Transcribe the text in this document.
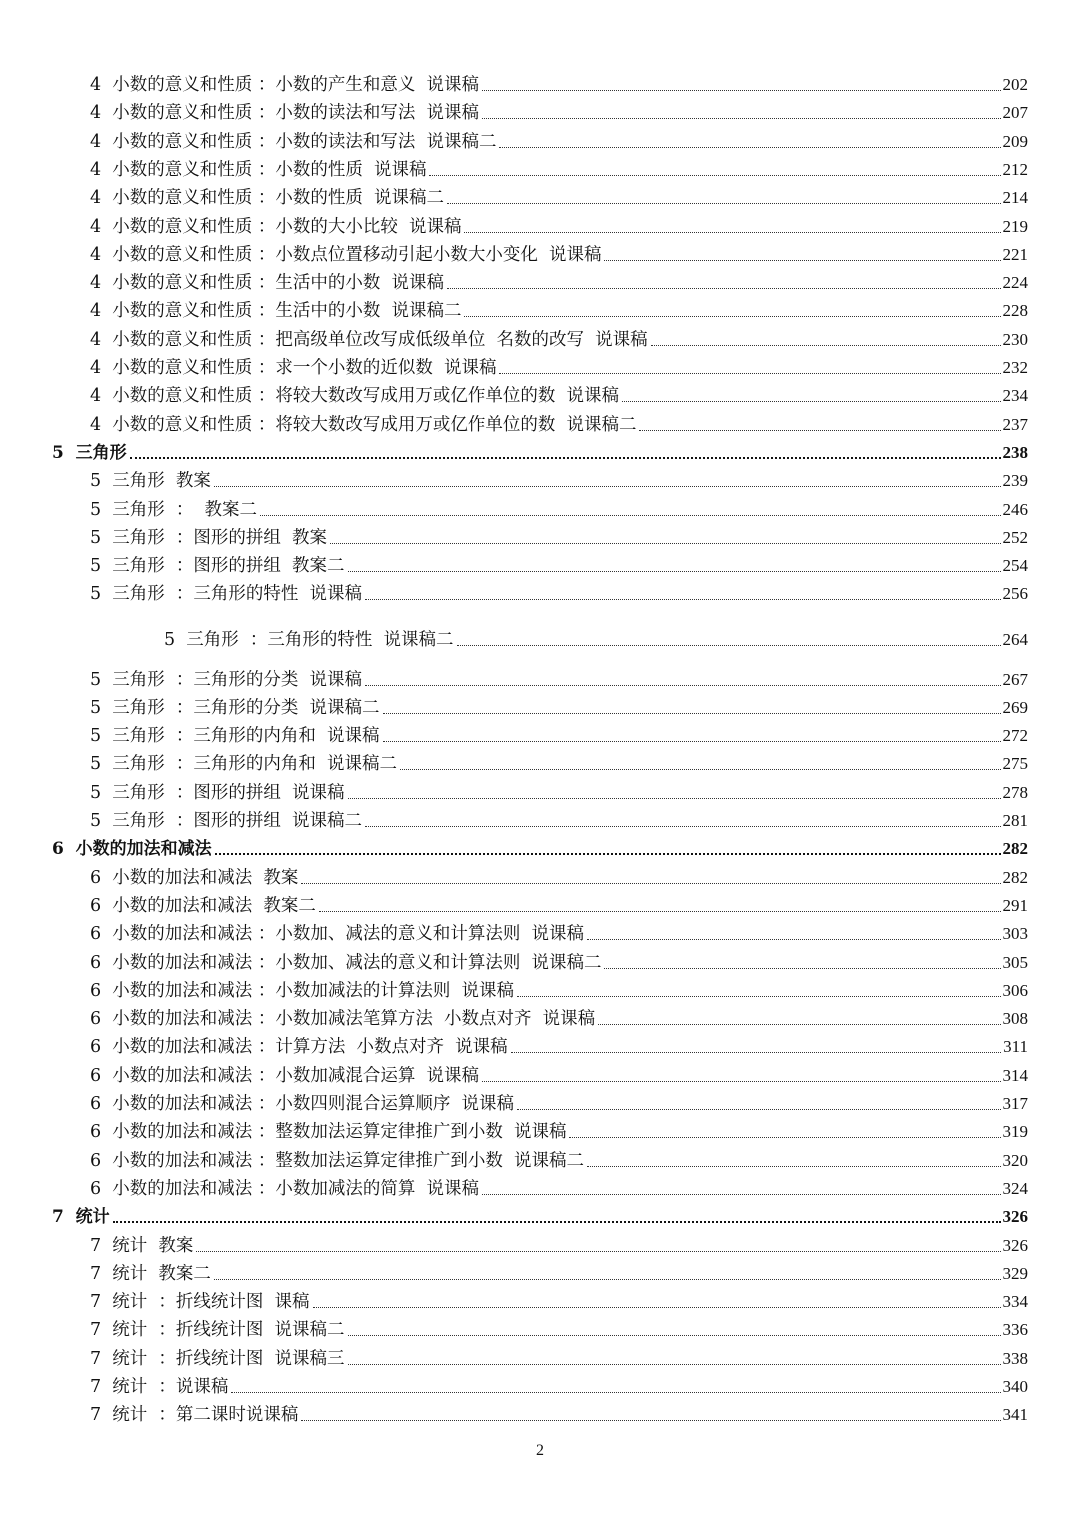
4  小数的意义和性质 ：小数的产生和意义  说课稿	202
4  小数的意义和性质 ：小数的读法和写法  说课稿	207
4  小数的意义和性质 ：小数的读法和写法  说课稿二	209
4  小数的意义和性质 ：小数的性质  说课稿	212
4  小数的意义和性质 ：小数的性质  说课稿二	214
4  小数的意义和性质 ：小数的大小比较  说课稿	219
4  小数的意义和性质 ：小数点位置移动引起小数大小变化  说课稿	221
4  小数的意义和性质 ：生活中的小数  说课稿	224
4  小数的意义和性质 ：生活中的小数  说课稿二	228
4  小数的意义和性质 ：把高级单位改写成低级单位  名数的改写  说课稿	230
4  小数的意义和性质 ：求一个小数的近似数  说课稿	232
4  小数的意义和性质 ：将较大数改写成用万或亿作单位的数  说课稿	234
4  小数的意义和性质 ：将较大数改写成用万或亿作单位的数  说课稿二	237
5  三角形	238
5  三角形  教案	239
5  三角形  ：  教案二	246
5  三角形  ：图形的拼组  教案	252
5  三角形  ：图形的拼组  教案二	254
5  三角形  ：三角形的特性  说课稿	256
5  三角形  ：三角形的特性  说课稿二	264
5  三角形  ：三角形的分类  说课稿	267
5  三角形  ：三角形的分类  说课稿二	269
5  三角形  ：三角形的内角和  说课稿	272
5  三角形  ：三角形的内角和  说课稿二	275
5  三角形  ：图形的拼组  说课稿	278
5  三角形  ：图形的拼组  说课稿二	281
6  小数的加法和减法	282
6  小数的加法和减法  教案	282
6  小数的加法和减法  教案二	291
6  小数的加法和减法 ：小数加、减法的意义和计算法则  说课稿	303
6  小数的加法和减法 ：小数加、减法的意义和计算法则  说课稿二	305
6  小数的加法和减法 ：小数加减法的计算法则  说课稿	306
6  小数的加法和减法 ：小数加减法笔算方法  小数点对齐  说课稿	308
6  小数的加法和减法 ：计算方法  小数点对齐  说课稿	311
6  小数的加法和减法 ：小数加减混合运算  说课稿	314
6  小数的加法和减法 ：小数四则混合运算顺序  说课稿	317
6  小数的加法和减法 ：整数加法运算定律推广到小数  说课稿	319
6  小数的加法和减法 ：整数加法运算定律推广到小数  说课稿二	320
6  小数的加法和减法 ：小数加减法的简算  说课稿	324
7  统计	326
7  统计  教案	326
7  统计  教案二	329
7  统计  ：折线统计图  课稿	334
7  统计  ：折线统计图  说课稿二	336
7  统计  ：折线统计图  说课稿三	338
7  统计  ：说课稿	340
7  统计  ：第二课时说课稿	341
2
